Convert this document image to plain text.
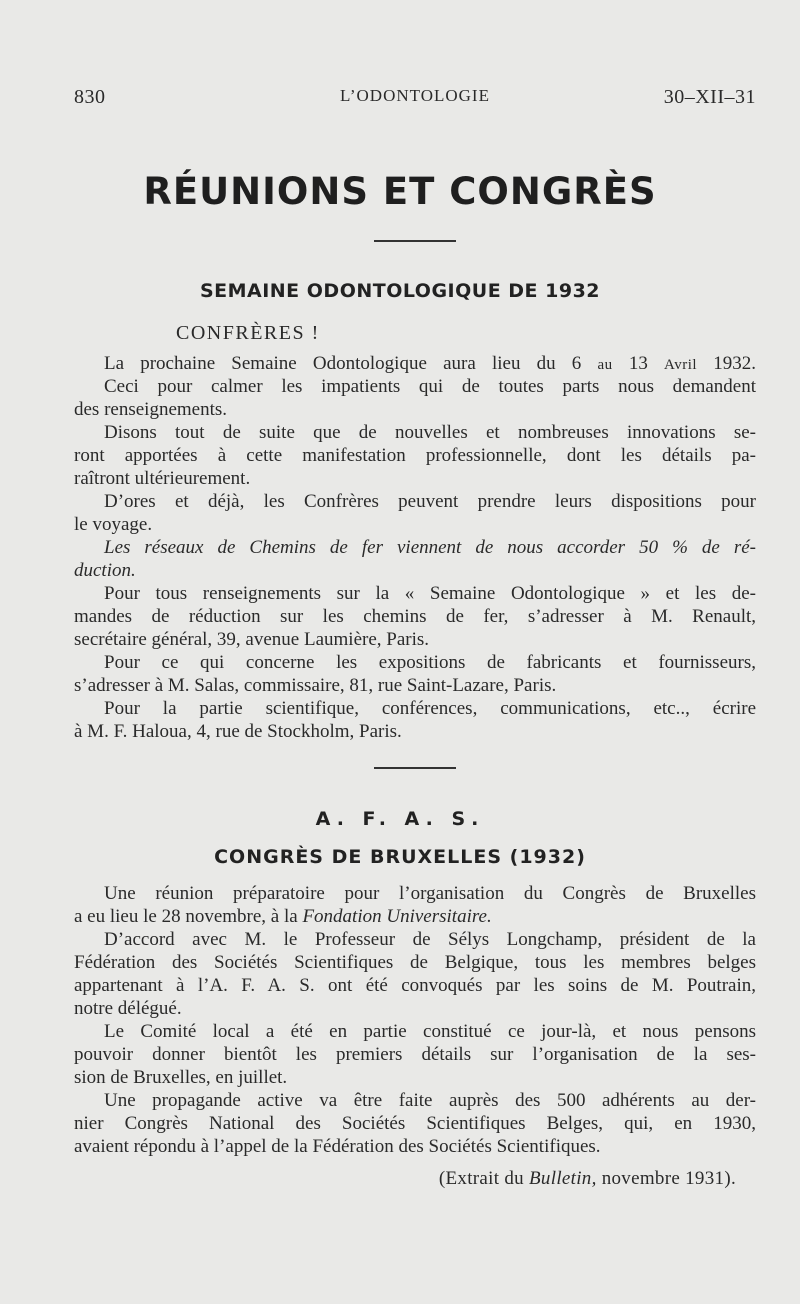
830	L’ODONTOLOGIE	30–XII–31
RÉUNIONS ET CONGRÈS
SEMAINE ODONTOLOGIQUE DE 1932
CONFRÈRES !
La prochaine Semaine Odontologique aura lieu du 6 au 13 Avril 1932.
Ceci pour calmer les impatients qui de toutes parts nous demandent
des renseignements.
Disons tout de suite que de nouvelles et nombreuses innovations se-
ront apportées à cette manifestation professionnelle, dont les détails pa-
raîtront ultérieurement.
D’ores et déjà, les Confrères peuvent prendre leurs dispositions pour
le voyage.
Les réseaux de Chemins de fer viennent de nous accorder 50 % de ré-
duction.
Pour tous renseignements sur la « Semaine Odontologique » et les de-
mandes de réduction sur les chemins de fer, s’adresser à M. Renault,
secrétaire général, 39, avenue Laumière, Paris.
Pour ce qui concerne les expositions de fabricants et fournisseurs,
s’adresser à M. Salas, commissaire, 81, rue Saint-Lazare, Paris.
Pour la partie scientifique, conférences, communications, etc.., écrire
à M. F. Haloua, 4, rue de Stockholm, Paris.
A. F. A. S.
CONGRÈS DE BRUXELLES (1932)
Une réunion préparatoire pour l’organisation du Congrès de Bruxelles
a eu lieu le 28 novembre, à la Fondation Universitaire.
D’accord avec M. le Professeur de Sélys Longchamp, président de la
Fédération des Sociétés Scientifiques de Belgique, tous les membres belges
appartenant à l’A. F. A. S. ont été convoqués par les soins de M. Poutrain,
notre délégué.
Le Comité local a été en partie constitué ce jour-là, et nous pensons
pouvoir donner bientôt les premiers détails sur l’organisation de la ses-
sion de Bruxelles, en juillet.
Une propagande active va être faite auprès des 500 adhérents au der-
nier Congrès National des Sociétés Scientifiques Belges, qui, en 1930,
avaient répondu à l’appel de la Fédération des Sociétés Scientifiques.
(Extrait du Bulletin, novembre 1931).
